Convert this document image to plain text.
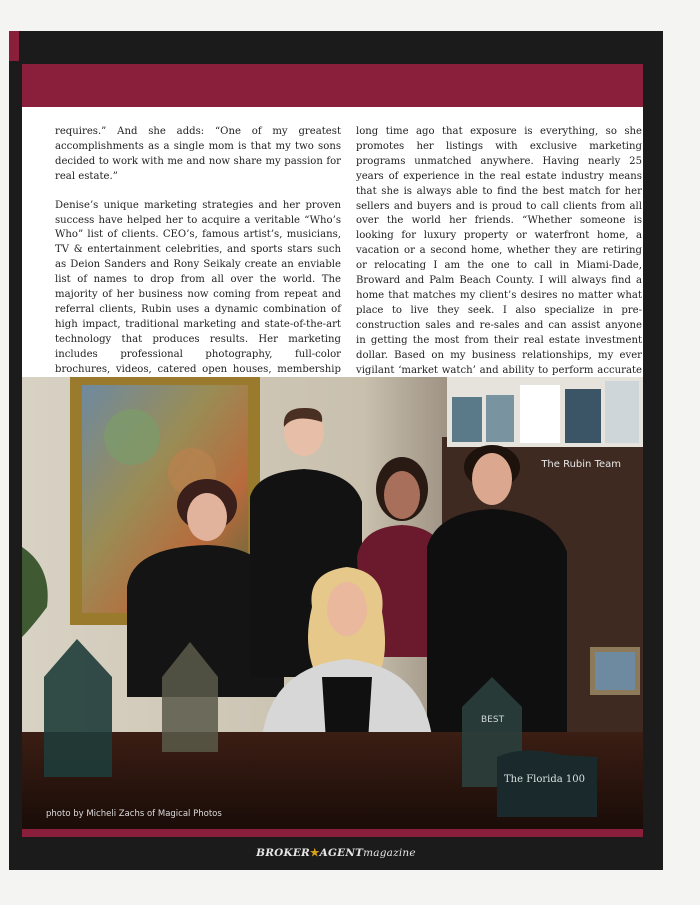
requires.” And she adds: “One of my greatest accomplishments as a single mom is that my two sons decided to work with me and now share my passion for real estate.”

Denise’s unique marketing strategies and her proven success have helped her to acquire a veritable “Who’s Who” list of clients. CEO’s, famous artist’s, musicians, TV & entertainment celebrities, and sports stars such as Deion Sanders and Rony Seikaly create an enviable list of names to drop from all over the world. The majority of her business now coming from repeat and referral clients, Rubin uses a dynamic combination of high impact, traditional marketing and state-of-the-art technology that produces results. Her marketing includes professional photography, full-color brochures, videos, catered open houses, membership

long time ago that exposure is everything, so she promotes her listings with exclusive marketing programs unmatched anywhere. Having nearly 25 years of experience in the real estate industry means that she is always able to find the best match for her sellers and buyers and is proud to call clients from all over the world her friends. “Whether someone is looking for luxury property or waterfront home, a vacation or a second home, whether they are retiring or relocating I am the one to call in Miami-Dade, Broward and Palm Beach County. I will always find a home that matches my client’s desires no matter what place to live they seek. I also specialize in pre-construction sales and re-sales and can assist anyone in getting the most from their real estate investment dollar. Based on my business relationships, my ever vigilant ‘market watch’ and ability to perform accurate

BEST
The Florida 100
The Rubin Team
photo by Micheli Zachs of Magical Photos
BROKER★AGENTmagazine
